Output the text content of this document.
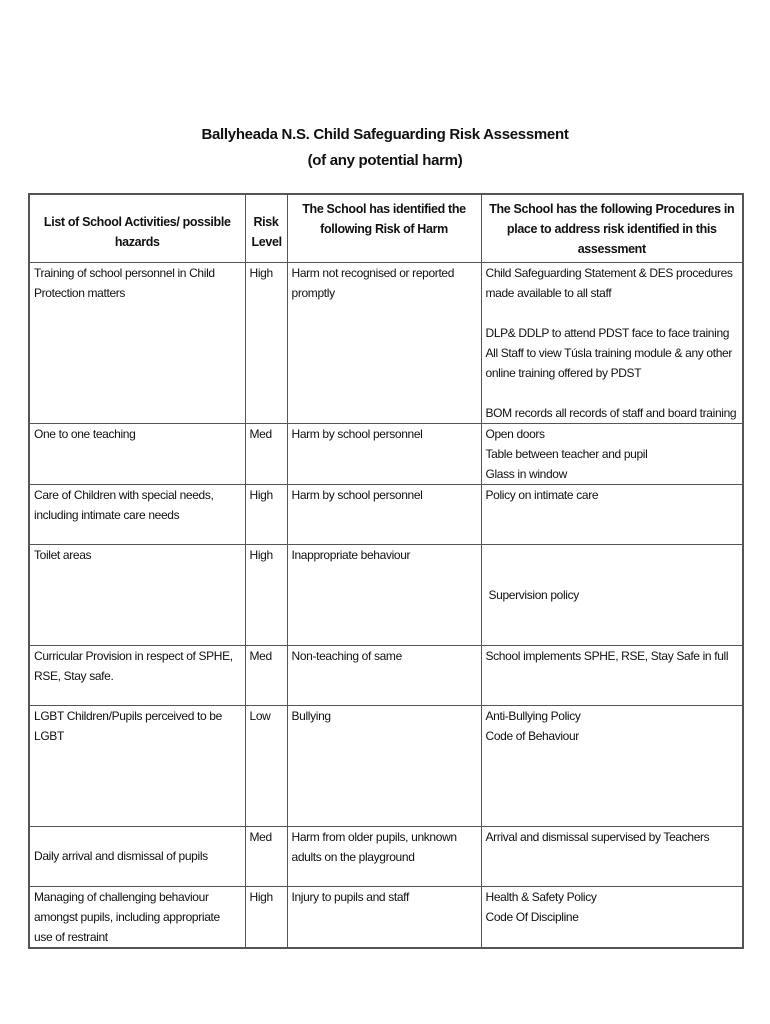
Ballyheada N.S. Child Safeguarding Risk Assessment
(of any potential harm)
List of School Activities/ possible hazards	Risk Level	The School has identified the following Risk of Harm	The School has the following Procedures in place to address risk identified in this assessment
Training of school personnel in Child Protection matters	High	Harm not recognised or reported promptly	Child Safeguarding Statement & DES procedures made available to all staff
DLP& DDLP to attend PDST face to face training
All Staff to view Túsla training module & any other online training offered by PDST
BOM records all records of staff and board training

One to one teaching	Med	Harm by school personnel	Open doors
Table between teacher and pupil
Glass in window

Care of Children with special needs, including intimate care needs	High	Harm by school personnel	Policy on intimate care

Toilet areas	High	Inappropriate behaviour	Supervision policy

Curricular Provision in respect of SPHE, RSE, Stay safe.	Med	Non-teaching of same	School implements SPHE, RSE, Stay Safe in full

LGBT Children/Pupils perceived to be LGBT	Low	Bullying	Anti-Bullying Policy
Code of Behaviour

Daily arrival and dismissal of pupils	Med	Harm from older pupils, unknown adults on the playground	Arrival and dismissal supervised by Teachers

Managing of challenging behaviour amongst pupils, including appropriate use of restraint	High	Injury to pupils and staff	Health & Safety Policy
Code Of Discipline
